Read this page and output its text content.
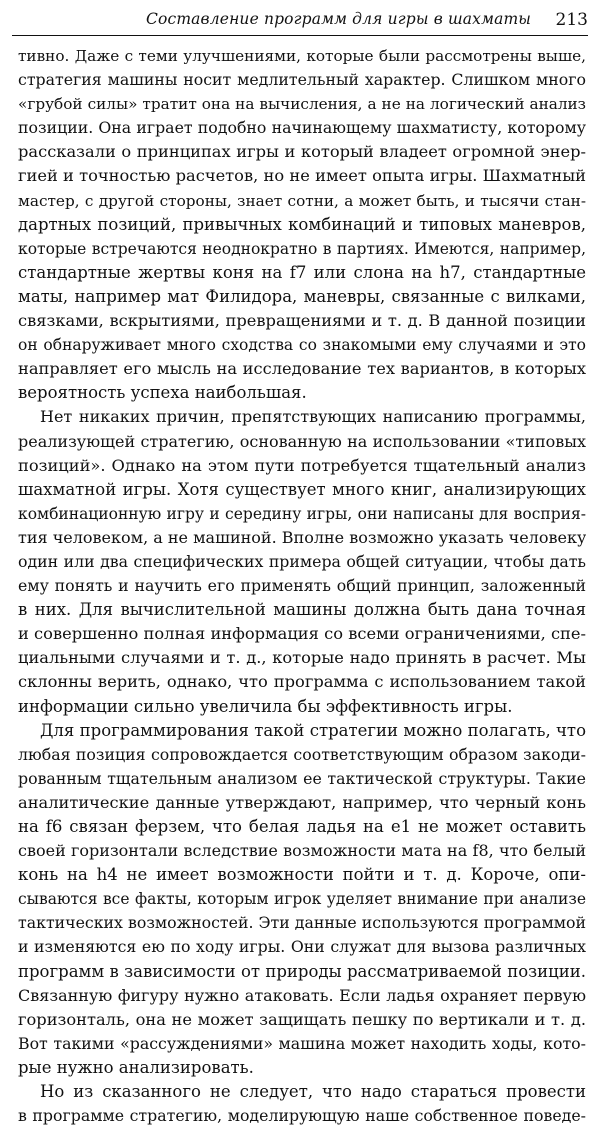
Составление программ для игры в шахматы 213
тивно. Даже с теми улучшениями, которые были рассмотрены выше,
стратегия машины носит медлительный характер. Слишком много
«грубой силы» тратит она на вычисления, а не на логический анализ
позиции. Она играет подобно начинающему шахматисту, которому
рассказали о принципах игры и который владеет огромной энер-
гией и точностью расчетов, но не имеет опыта игры. Шахматный
мастер, с другой стороны, знает сотни, а может быть, и тысячи стан-
дартных позиций, привычных комбинаций и типовых маневров,
которые встречаются неоднократно в партиях. Имеются, например,
стандартные жертвы коня на f7 или слона на h7, стандартные
маты, например мат Филидора, маневры, связанные с вилками,
связками, вскрытиями, превращениями и т. д. В данной позиции
он обнаруживает много сходства со знакомыми ему случаями и это
направляет его мысль на исследование тех вариантов, в которых
вероятность успеха наибольшая.
Нет никаких причин, препятствующих написанию программы,
реализующей стратегию, основанную на использовании «типовых
позиций». Однако на этом пути потребуется тщательный анализ
шахматной игры. Хотя существует много книг, анализирующих
комбинационную игру и середину игры, они написаны для восприя-
тия человеком, а не машиной. Вполне возможно указать человеку
один или два специфических примера общей ситуации, чтобы дать
ему понять и научить его применять общий принцип, заложенный
в них. Для вычислительной машины должна быть дана точная
и совершенно полная информация со всеми ограничениями, спе-
циальными случаями и т. д., которые надо принять в расчет. Мы
склонны верить, однако, что программа с использованием такой
информации сильно увеличила бы эффективность игры.
Для программирования такой стратегии можно полагать, что
любая позиция сопровождается соответствующим образом закоди-
рованным тщательным анализом ее тактической структуры. Такие
аналитические данные утверждают, например, что черный конь
на f6 связан ферзем, что белая ладья на e1 не может оставить
своей горизонтали вследствие возможности мата на f8, что белый
конь на h4 не имеет возможности пойти и т. д. Короче, опи-
сываются все факты, которым игрок уделяет внимание при анализе
тактических возможностей. Эти данные используются программой
и изменяются ею по ходу игры. Они служат для вызова различных
программ в зависимости от природы рассматриваемой позиции.
Связанную фигуру нужно атаковать. Если ладья охраняет первую
горизонталь, она не может защищать пешку по вертикали и т. д.
Вот такими «рассуждениями» машина может находить ходы, кото-
рые нужно анализировать.
Но из сказанного не следует, что надо стараться провести
в программе стратегию, моделирующую наше собственное поведе-
